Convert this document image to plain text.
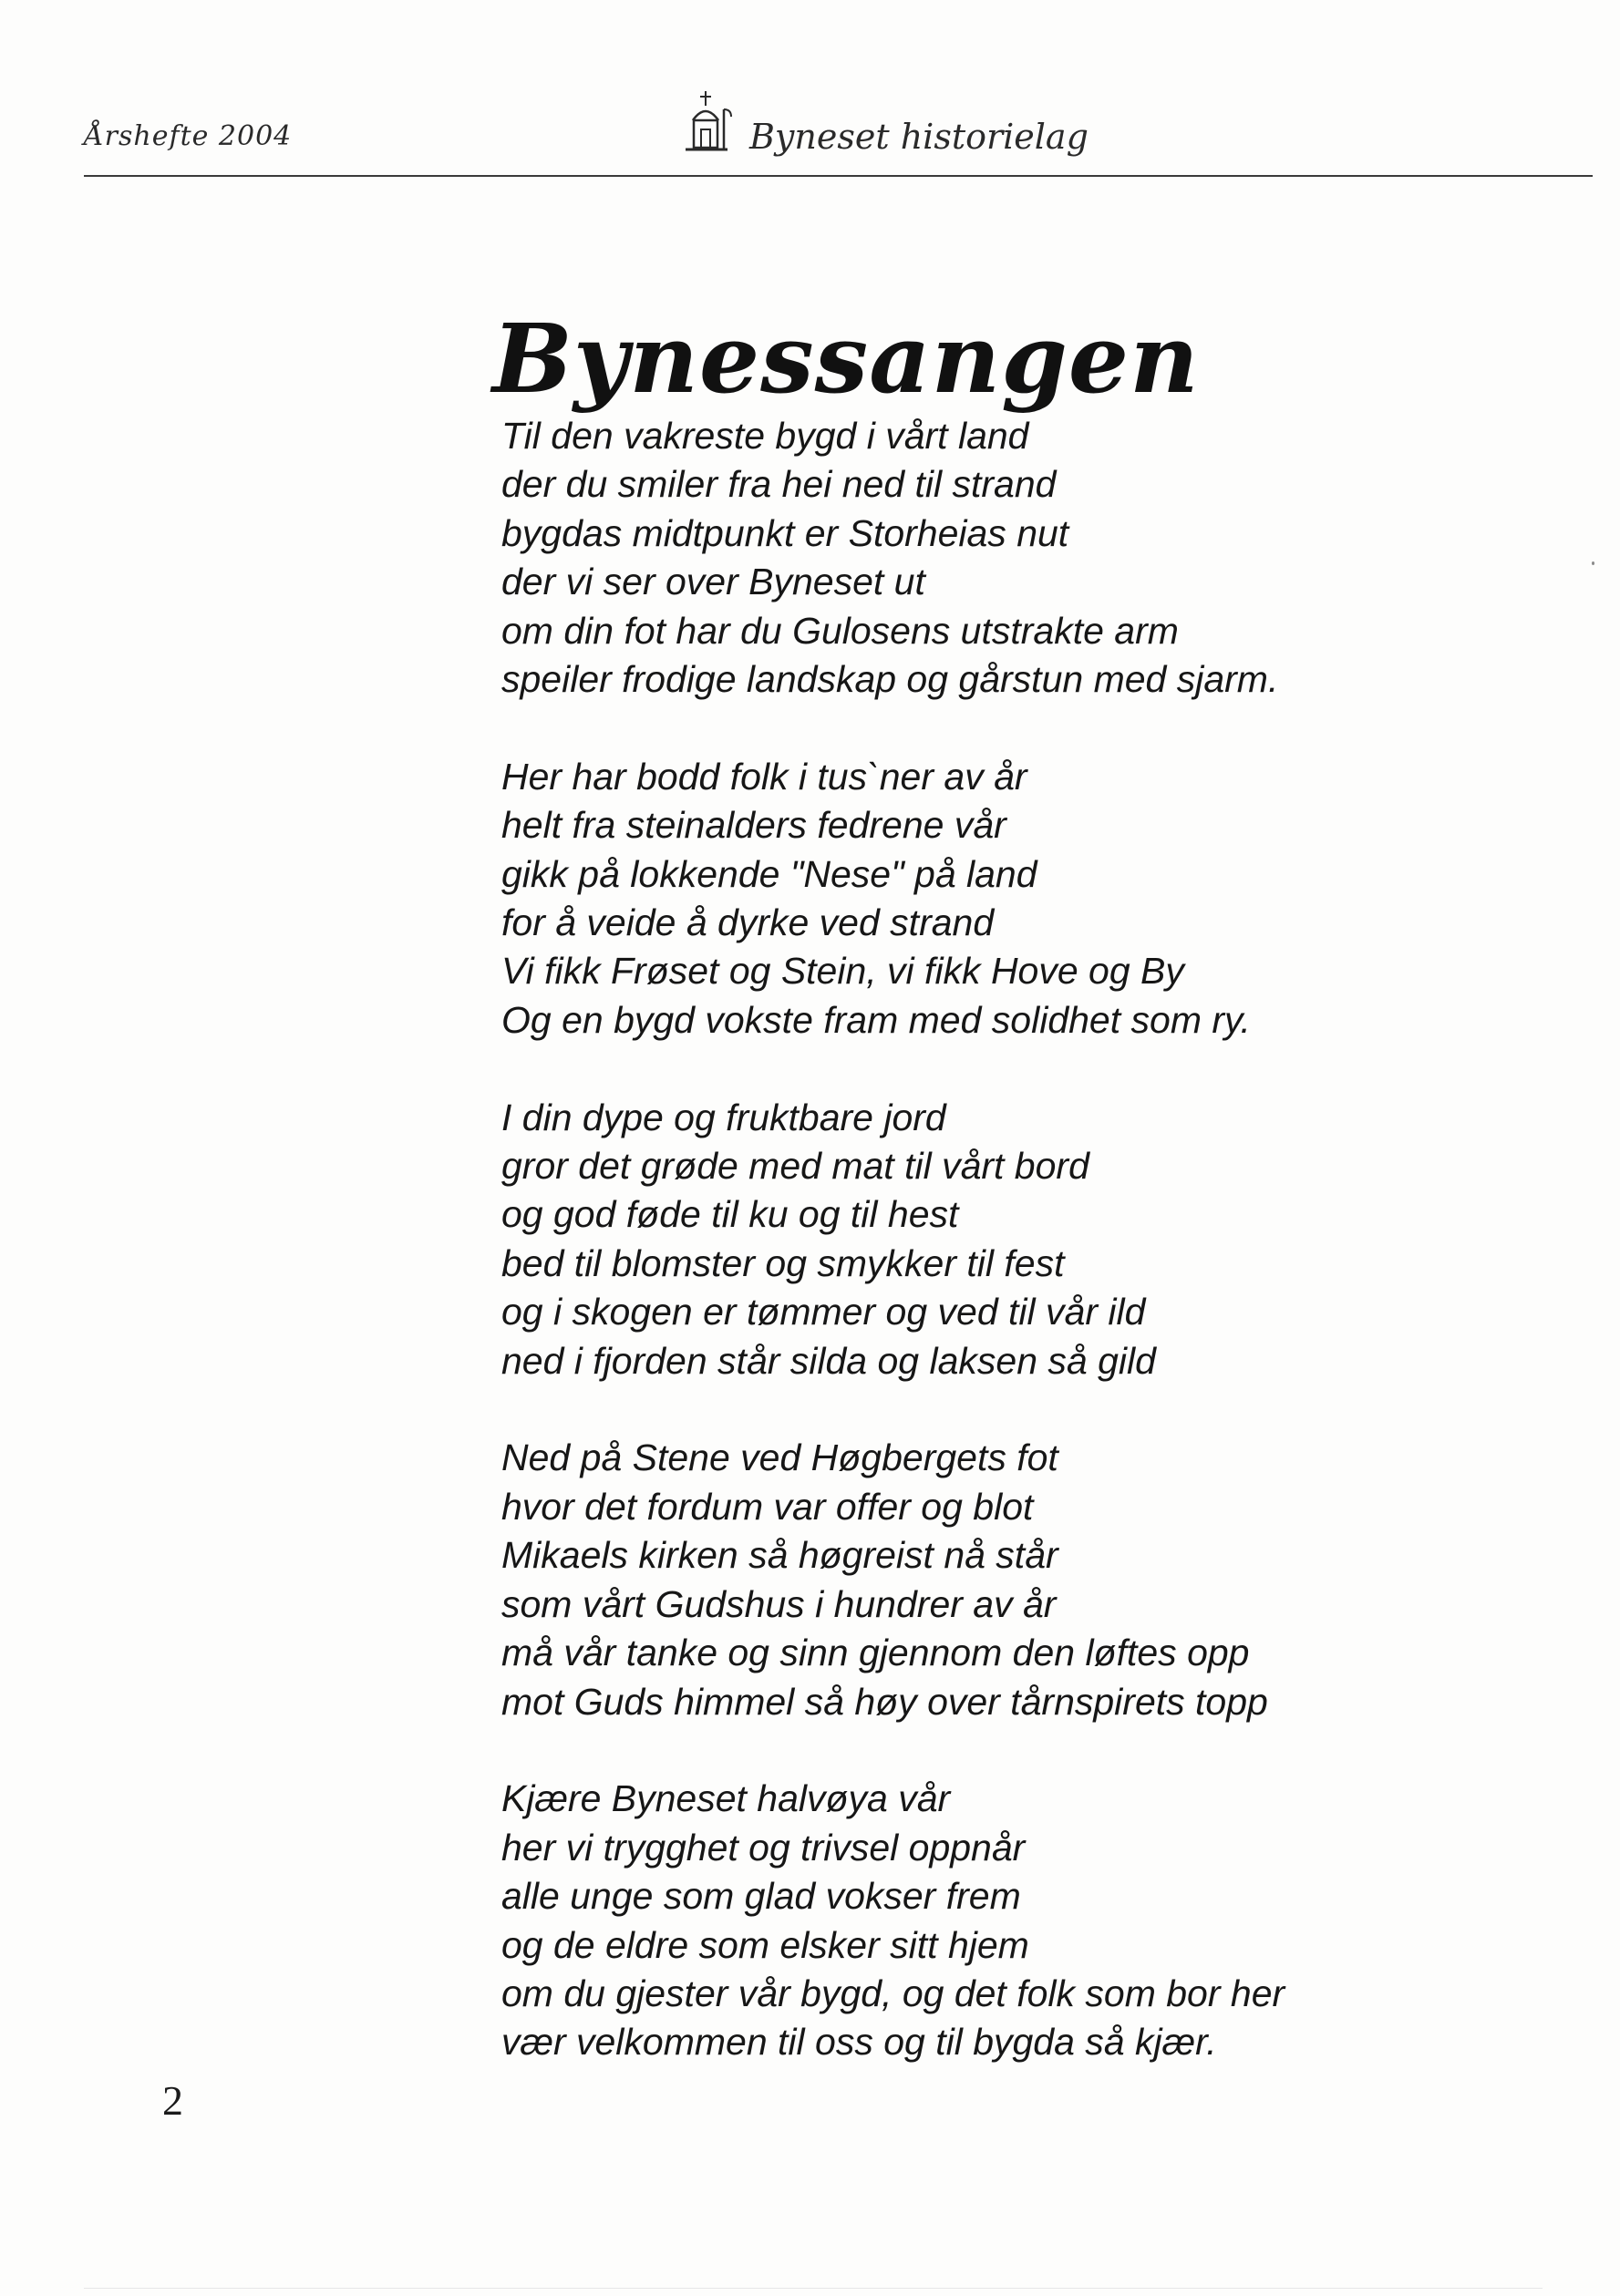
Årshefte 2004	Byneset historielag
Bynessangen
Til den vakreste bygd i vårt land
der du smiler fra hei ned til strand
bygdas midtpunkt er Storheias nut
der vi ser over Byneset ut
om din fot har du Gulosens utstrakte arm
speiler frodige landskap og gårstun med sjarm.
Her har bodd folk i tus`ner av år
helt fra steinalders fedrene vår
gikk på lokkende "Nese" på land
for å veide å dyrke ved strand
Vi fikk Frøset og Stein, vi fikk Hove og By
Og en bygd vokste fram med solidhet som ry.
I din dype og fruktbare jord
gror det grøde med mat til vårt bord
og god føde til ku og til hest
bed til blomster og smykker til fest
og i skogen er tømmer og ved til vår ild
ned i fjorden står silda og laksen så gild
Ned på Stene ved Høgbergets fot
hvor det fordum var offer og blot
Mikaels kirken så høgreist nå står
som vårt Gudshus i hundrer av år
må vår tanke og sinn gjennom den løftes opp
mot Guds himmel så høy over tårnspirets topp
Kjære Byneset halvøya vår
her vi trygghet og trivsel oppnår
alle unge som glad vokser frem
og de eldre som elsker sitt hjem
om du gjester vår bygd, og det folk som bor her
vær velkommen til oss og til bygda så kjær.
2
